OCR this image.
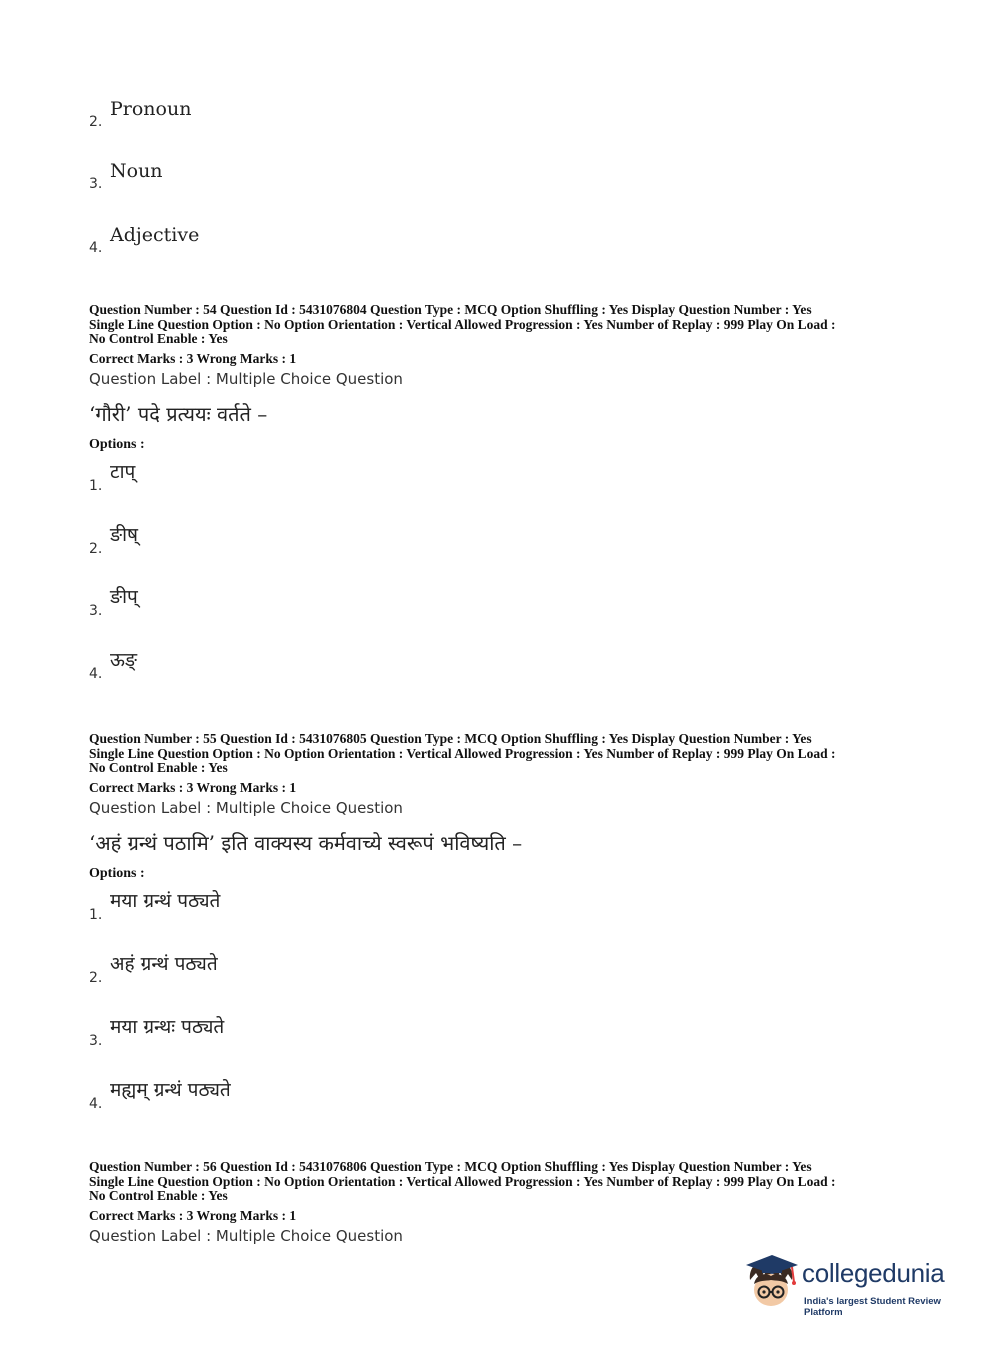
2.
Pronoun
3.
Noun
4.
Adjective
Question Number : 54 Question Id : 5431076804 Question Type : MCQ Option Shuffling : Yes Display Question Number : Yes
Single Line Question Option : No Option Orientation : Vertical Allowed Progression : Yes Number of Replay : 999 Play On Load :
No Control Enable : Yes
Correct Marks : 3 Wrong Marks : 1
Question Label : Multiple Choice Question
‘गौरी’ पदे प्रत्ययः वर्तते –
Options :
1.
टाप्
2.
ङीष्
3.
ङीप्
4.
ऊङ्
Question Number : 55 Question Id : 5431076805 Question Type : MCQ Option Shuffling : Yes Display Question Number : Yes
Single Line Question Option : No Option Orientation : Vertical Allowed Progression : Yes Number of Replay : 999 Play On Load :
No Control Enable : Yes
Correct Marks : 3 Wrong Marks : 1
Question Label : Multiple Choice Question
‘अहं ग्रन्थं पठामि’ इति वाक्यस्य कर्मवाच्ये स्वरूपं भविष्यति –
Options :
1.
मया ग्रन्थं पठ्यते
2.
अहं ग्रन्थं पठ्यते
3.
मया ग्रन्थः पठ्यते
4.
मह्यम् ग्रन्थं पठ्यते
Question Number : 56 Question Id : 5431076806 Question Type : MCQ Option Shuffling : Yes Display Question Number : Yes
Single Line Question Option : No Option Orientation : Vertical Allowed Progression : Yes Number of Replay : 999 Play On Load :
No Control Enable : Yes
Correct Marks : 3 Wrong Marks : 1
Question Label : Multiple Choice Question
collegedunia
India's largest Student Review Platform
